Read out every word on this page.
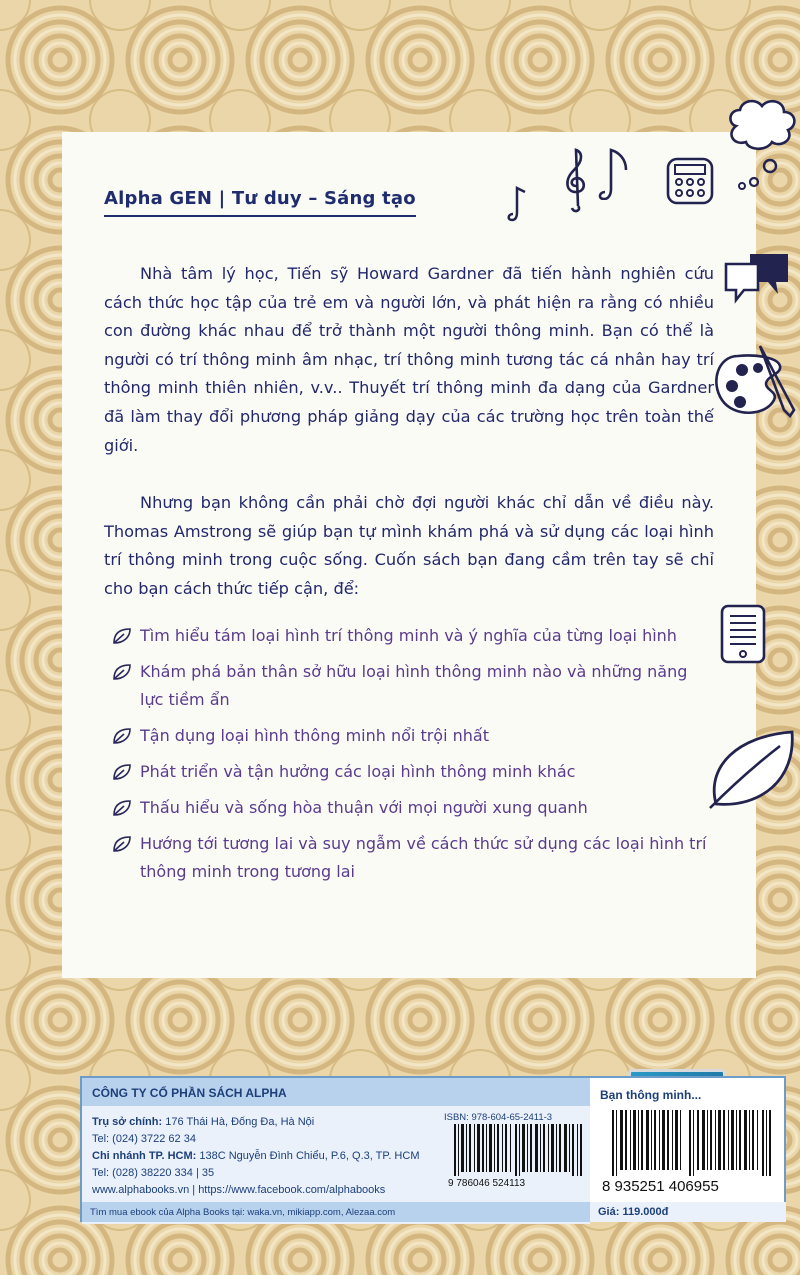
Alpha GEN | Tư duy – Sáng tạo

Nhà tâm lý học, Tiến sỹ Howard Gardner đã tiến hành nghiên cứu cách thức học tập của trẻ em và người lớn, và phát hiện ra rằng có nhiều con đường khác nhau để trở thành một người thông minh. Bạn có thể là người có trí thông minh âm nhạc, trí thông minh tương tác cá nhân hay trí thông minh thiên nhiên, v.v.. Thuyết trí thông minh đa dạng của Gardner đã làm thay đổi phương pháp giảng dạy của các trường học trên toàn thế giới.

Nhưng bạn không cần phải chờ đợi người khác chỉ dẫn về điều này. Thomas Amstrong sẽ giúp bạn tự mình khám phá và sử dụng các loại hình trí thông minh trong cuộc sống. Cuốn sách bạn đang cầm trên tay sẽ chỉ cho bạn cách thức tiếp cận, để:

Tìm hiểu tám loại hình trí thông minh và ý nghĩa của từng loại hình
Khám phá bản thân sở hữu loại hình thông minh nào và những năng lực tiềm ẩn
Tận dụng loại hình thông minh nổi trội nhất
Phát triển và tận hưởng các loại hình thông minh khác
Thấu hiểu và sống hòa thuận với mọi người xung quanh
Hướng tới tương lai và suy ngẫm về cách thức sử dụng các loại hình trí thông minh trong tương lai
CÔNG TY CỔ PHẦN SÁCH ALPHA
Trụ sở chính: 176 Thái Hà, Đống Đa, Hà Nội
Tel: (024) 3722 62 34
Chi nhánh TP. HCM: 138C Nguyễn Đình Chiểu, P.6, Q.3, TP. HCM
Tel: (028) 38220 334 | 35
www.alphabooks.vn | https://www.facebook.com/alphabooks
Tìm mua ebook của Alpha Books tại: waka.vn, mikiapp.com, Alezaa.com
ISBN: 978-604-65-2411-3
9 786046 524113
Bạn thông minh...
8 935251 406955
Giá: 119.000đ
